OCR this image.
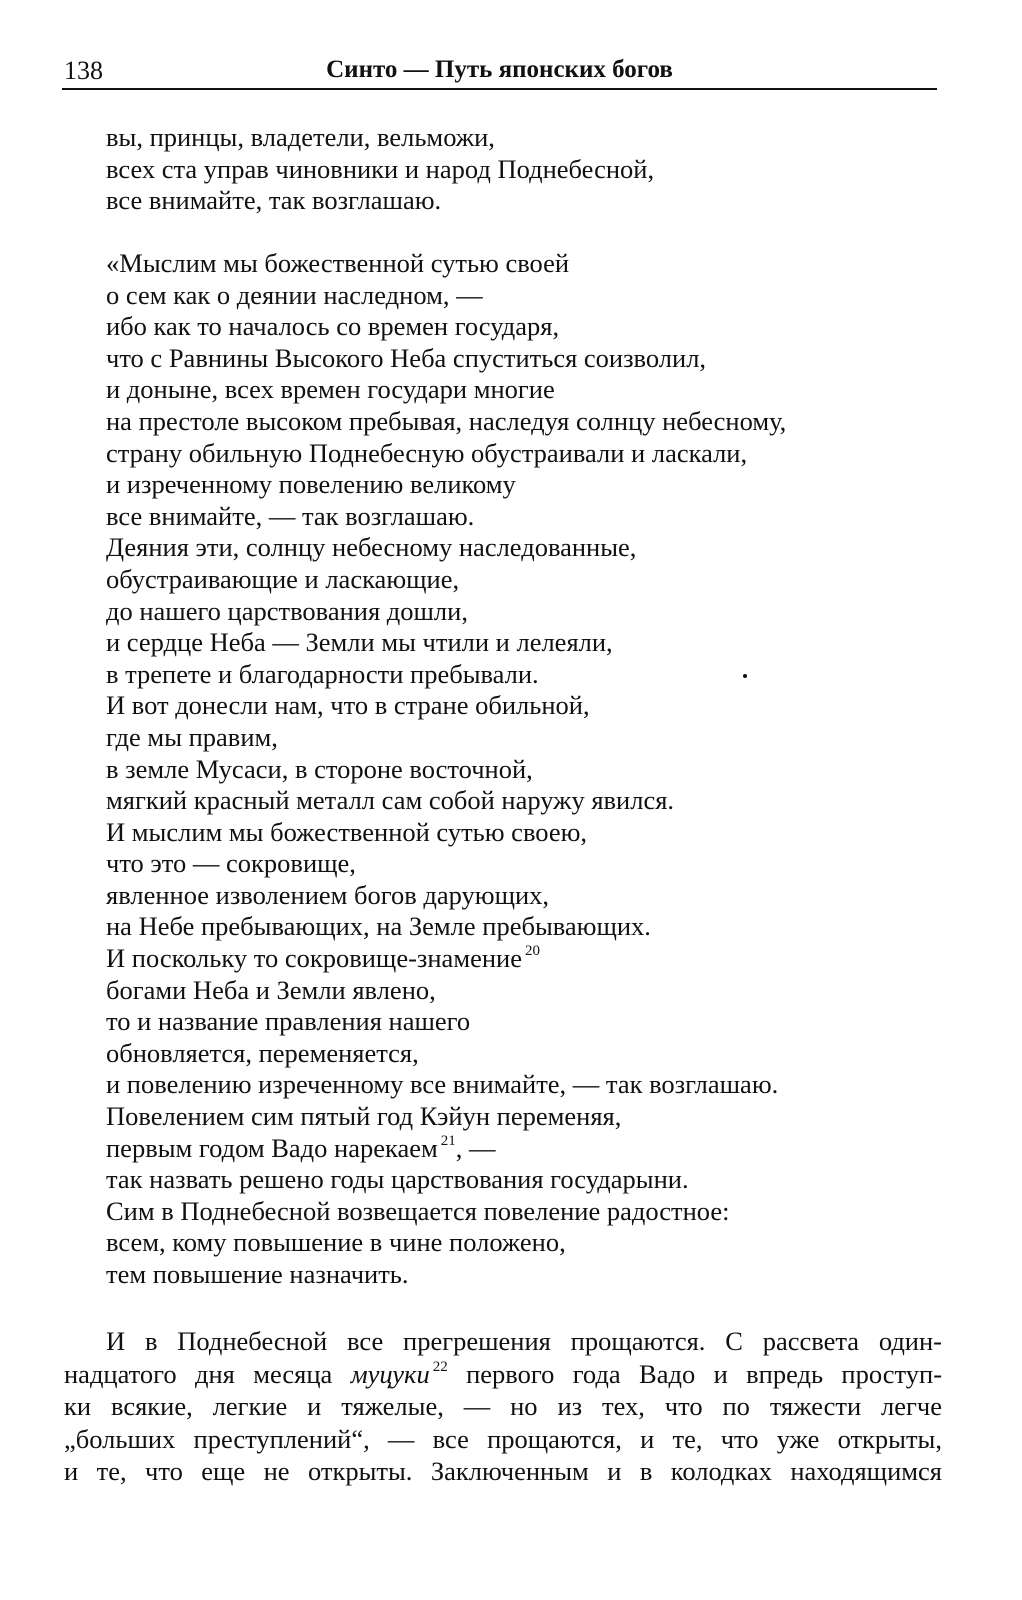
138	Синто — Путь японских богов

вы, принцы, владетели, вельможи,
всех ста управ чиновники и народ Поднебесной,
все внимайте, так возглашаю.

«Мыслим мы божественной сутью своей
о сем как о деянии наследном, —
ибо как то началось со времен государя,
что с Равнины Высокого Неба спуститься соизволил,
и доныне, всех времен государи многие
на престоле высоком пребывая, наследуя солнцу небесному,
страну обильную Поднебесную обустраивали и ласкали,
и изреченному повелению великому
все внимайте, — так возглашаю.
Деяния эти, солнцу небесному наследованные,
обустраивающие и ласкающие,
до нашего царствования дошли,
и сердце Неба — Земли мы чтили и лелеяли,
в трепете и благодарности пребывали.
И вот донесли нам, что в стране обильной,
где мы правим,
в земле Мусаси, в стороне восточной,
мягкий красный металл сам собой наружу явился.
И мыслим мы божественной сутью своею,
что это — сокровище,
явленное изволением богов дарующих,
на Небе пребывающих, на Земле пребывающих.
И поскольку то сокровище-знамение $^{20}$
богами Неба и Земли явлено,
то и название правления нашего
обновляется, переменяется,
и повелению изреченному все внимайте, — так возглашаю.
Повелением сим пятый год Кэйун переменяя,
первым годом Вадо нарекаем $^{21}$, —
так назвать решено годы царствования государыни.
Сим в Поднебесной возвещается повеление радостное:
всем, кому повышение в чине положено,
тем повышение назначить.

И в Поднебесной все прегрешения прощаются. С рассвета один-
надцатого дня месяца муцуки $^{22}$ первого года Вадо и впредь проступ-
ки всякие, легкие и тяжелые, — но из тех, что по тяжести легче
„больших преступлений“, — все прощаются, и те, что уже открыты,
и те, что еще не открыты. Заключенным и в колодках находящимся
